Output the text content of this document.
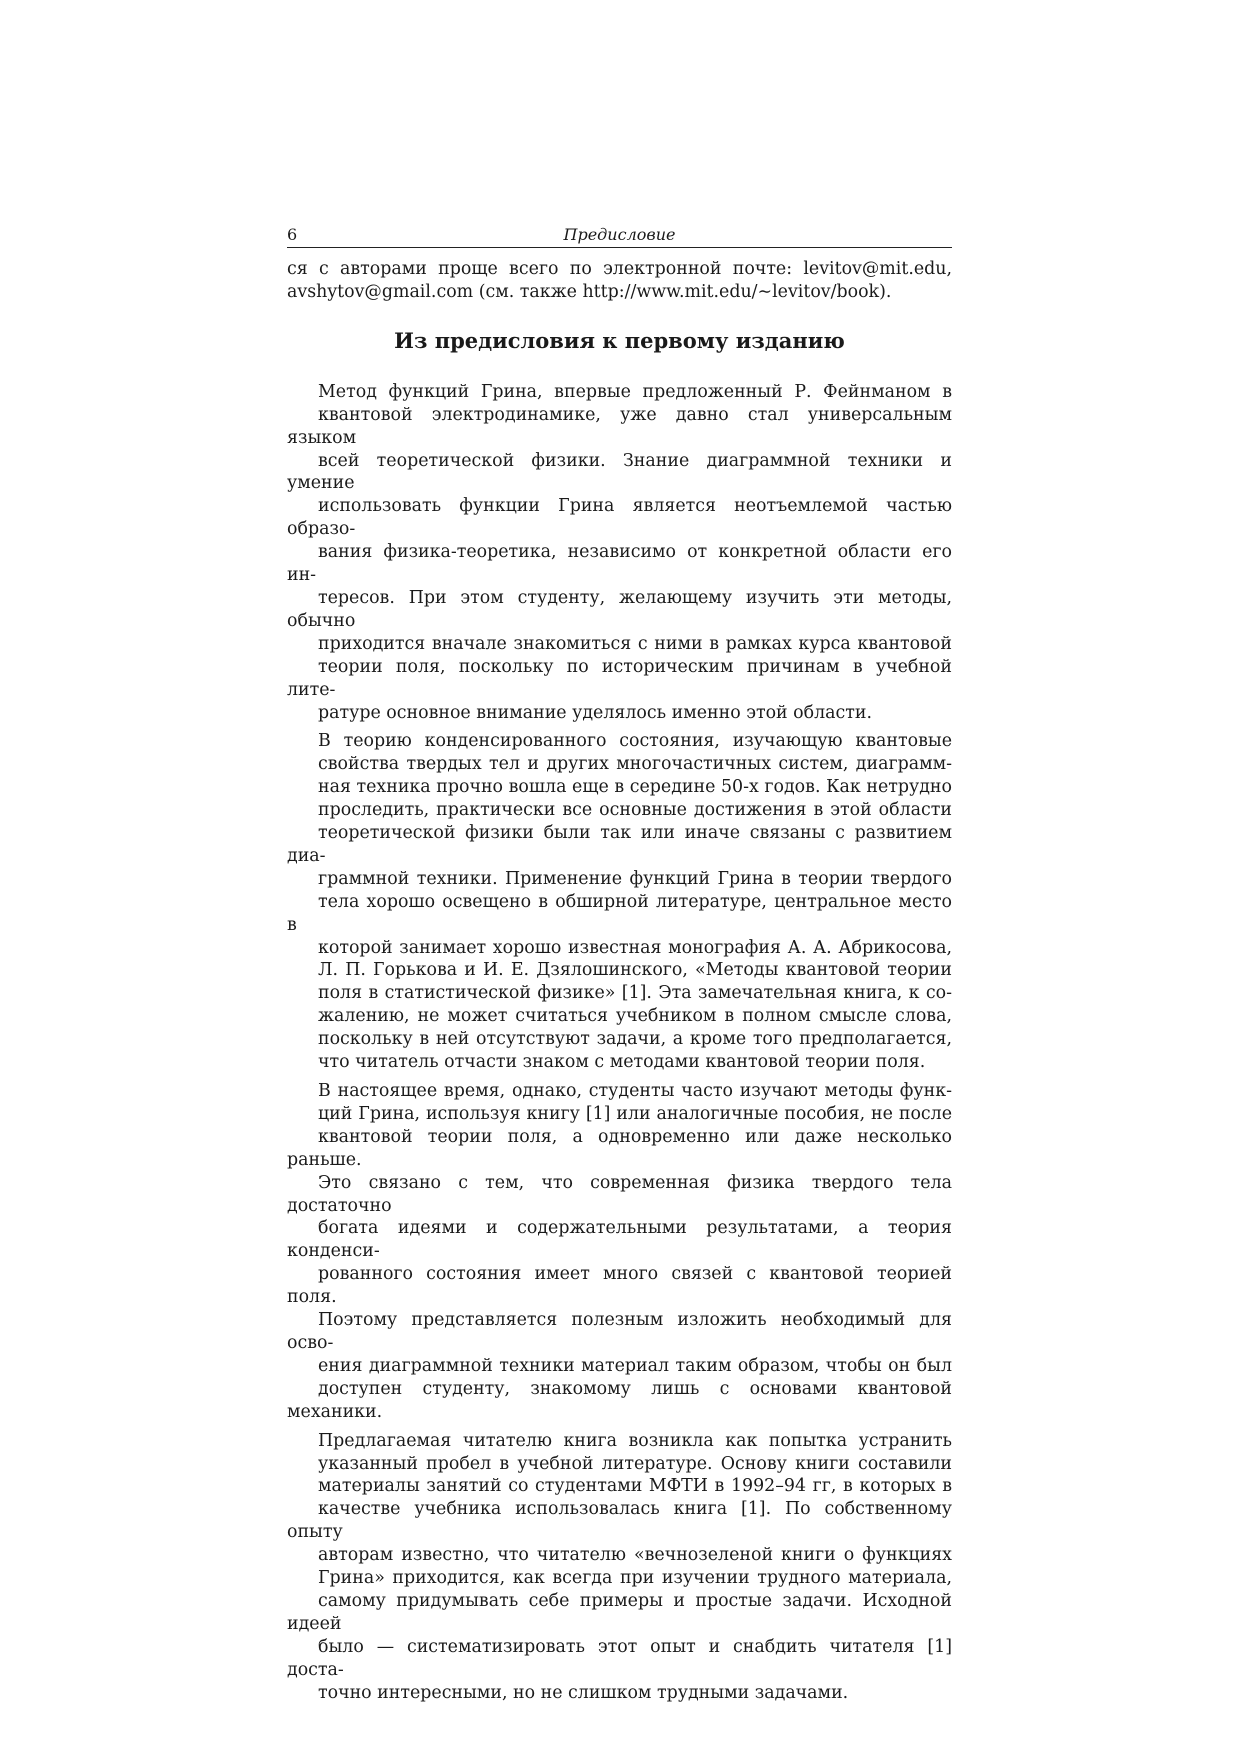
6	Предисловие
ся с авторами проще всего по электронной почте: levitov@mit.edu,
avshytov@gmail.com (см. также http://www.mit.edu/∼levitov/book).
Из предисловия к первому изданию
Метод функций Грина, впервые предложенный Р. Фейнманом в
квантовой электродинамике, уже давно стал универсальным языком
всей теоретической физики. Знание диаграммной техники и умение
использовать функции Грина является неотъемлемой частью образо-
вания физика-теоретика, независимо от конкретной области его ин-
тересов. При этом студенту, желающему изучить эти методы, обычно
приходится вначале знакомиться с ними в рамках курса квантовой
теории поля, поскольку по историческим причинам в учебной лите-
ратуре основное внимание уделялось именно этой области.
В теорию конденсированного состояния, изучающую квантовые
свойства твердых тел и других многочастичных систем, диаграмм-
ная техника прочно вошла еще в середине 50-х годов. Как нетрудно
проследить, практически все основные достижения в этой области
теоретической физики были так или иначе связаны с развитием диа-
граммной техники. Применение функций Грина в теории твердого
тела хорошо освещено в обширной литературе, центральное место в
которой занимает хорошо известная монография А. А. Абрикосова,
Л. П. Горькова и И. Е. Дзялошинского, «Методы квантовой теории
поля в статистической физике» [1]. Эта замечательная книга, к со-
жалению, не может считаться учебником в полном смысле слова,
поскольку в ней отсутствуют задачи, а кроме того предполагается,
что читатель отчасти знаком с методами квантовой теории поля.
В настоящее время, однако, студенты часто изучают методы функ-
ций Грина, используя книгу [1] или аналогичные пособия, не после
квантовой теории поля, а одновременно или даже несколько раньше.
Это связано с тем, что современная физика твердого тела достаточно
богата идеями и содержательными результатами, а теория конденси-
рованного состояния имеет много связей с квантовой теорией поля.
Поэтому представляется полезным изложить необходимый для осво-
ения диаграммной техники материал таким образом, чтобы он был
доступен студенту, знакомому лишь с основами квантовой механики.
Предлагаемая читателю книга возникла как попытка устранить
указанный пробел в учебной литературе. Основу книги составили
материалы занятий со студентами МФТИ в 1992–94 гг, в которых в
качестве учебника использовалась книга [1]. По собственному опыту
авторам известно, что читателю «вечнозеленой книги о функциях
Грина» приходится, как всегда при изучении трудного материала,
самому придумывать себе примеры и простые задачи. Исходной идеей
было — систематизировать этот опыт и снабдить читателя [1] доста-
точно интересными, но не слишком трудными задачами.
